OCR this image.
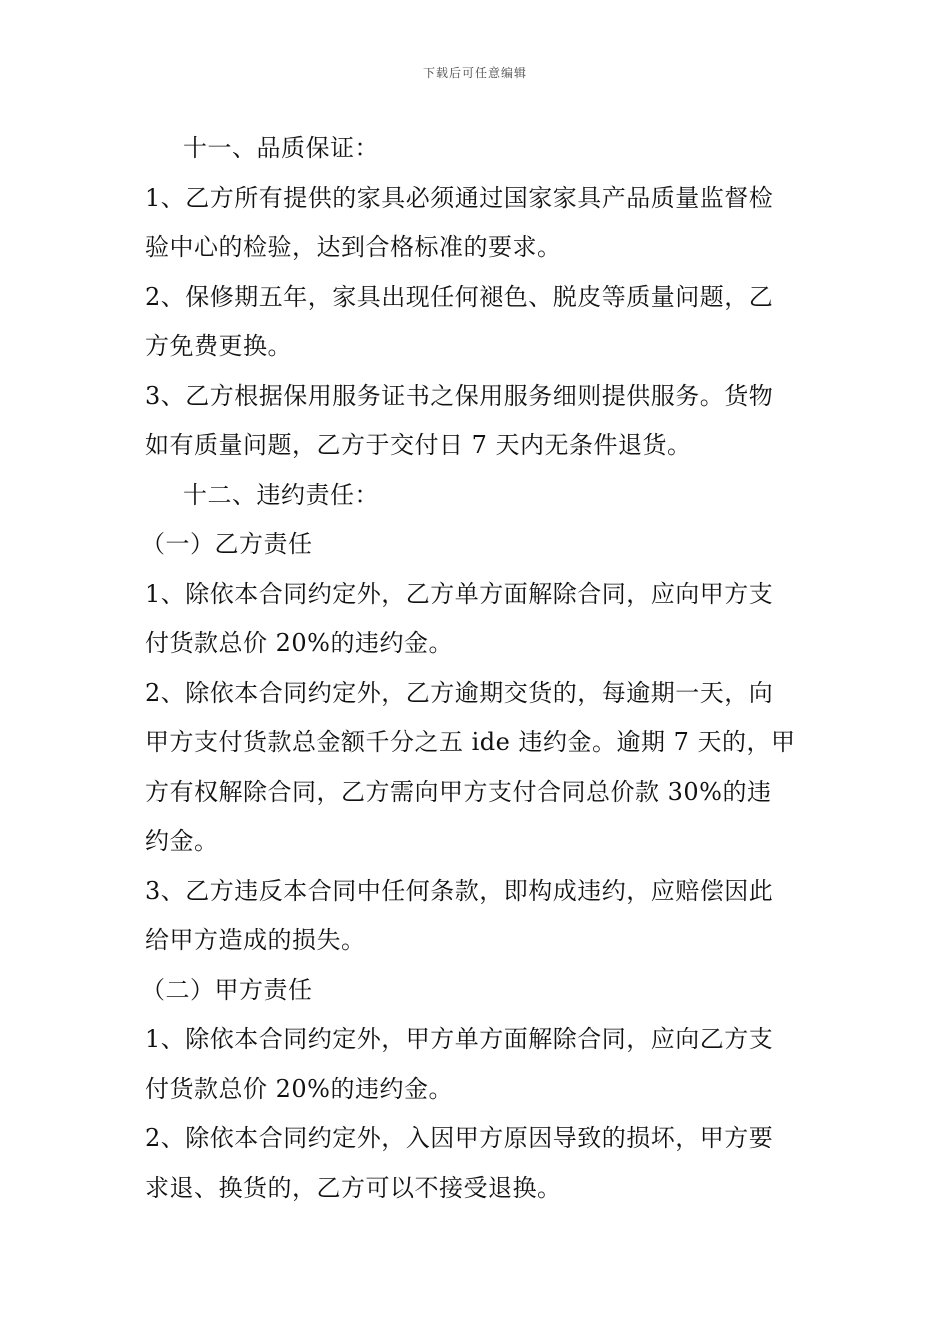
下载后可任意编辑
十一、品质保证：
1、乙方所有提供的家具必须通过国家家具产品质量监督检
验中心的检验，达到合格标准的要求。
2、保修期五年，家具出现任何褪色、脱皮等质量问题，乙
方免费更换。
3、乙方根据保用服务证书之保用服务细则提供服务。货物
如有质量问题，乙方于交付日 7 天内无条件退货。
十二、违约责任：
（一）乙方责任
1、除依本合同约定外，乙方单方面解除合同，应向甲方支
付货款总价 20%的违约金。
2、除依本合同约定外，乙方逾期交货的，每逾期一天，向
甲方支付货款总金额千分之五 ide 违约金。逾期 7 天的，甲
方有权解除合同，乙方需向甲方支付合同总价款 30%的违
约金。
3、乙方违反本合同中任何条款，即构成违约，应赔偿因此
给甲方造成的损失。
（二）甲方责任
1、除依本合同约定外，甲方单方面解除合同，应向乙方支
付货款总价 20%的违约金。
2、除依本合同约定外，入因甲方原因导致的损坏，甲方要
求退、换货的，乙方可以不接受退换。
